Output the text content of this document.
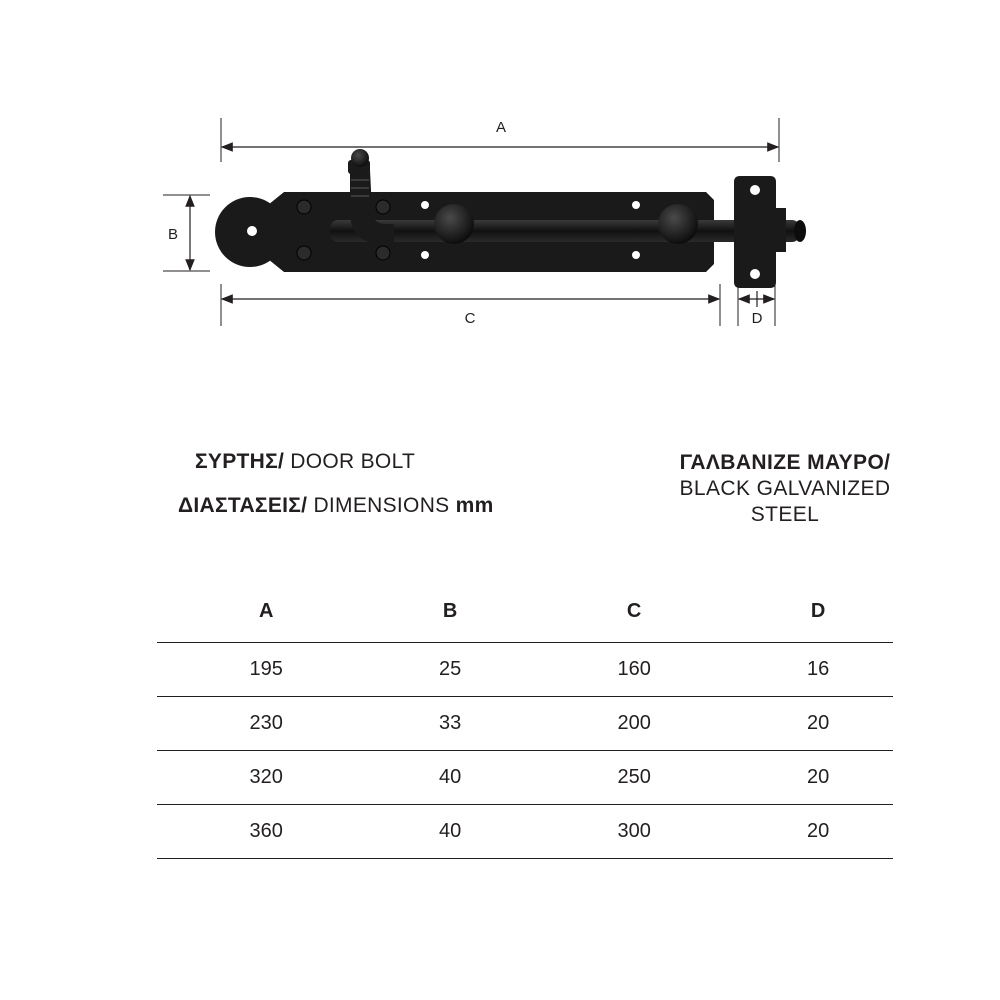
A
B
C	D
ΣΥΡΤΗΣ/ DOOR BOLT
ΔΙΑΣΤΑΣΕΙΣ/ DIMENSIONS mm
ΓΑΛΒΑΝΙΖΕ ΜΑΥΡΟ/
BLACK GALVANIZED
STEEL
A	B	C	D
195	25	160	16
230	33	200	20
320	40	250	20
360	40	300	20
